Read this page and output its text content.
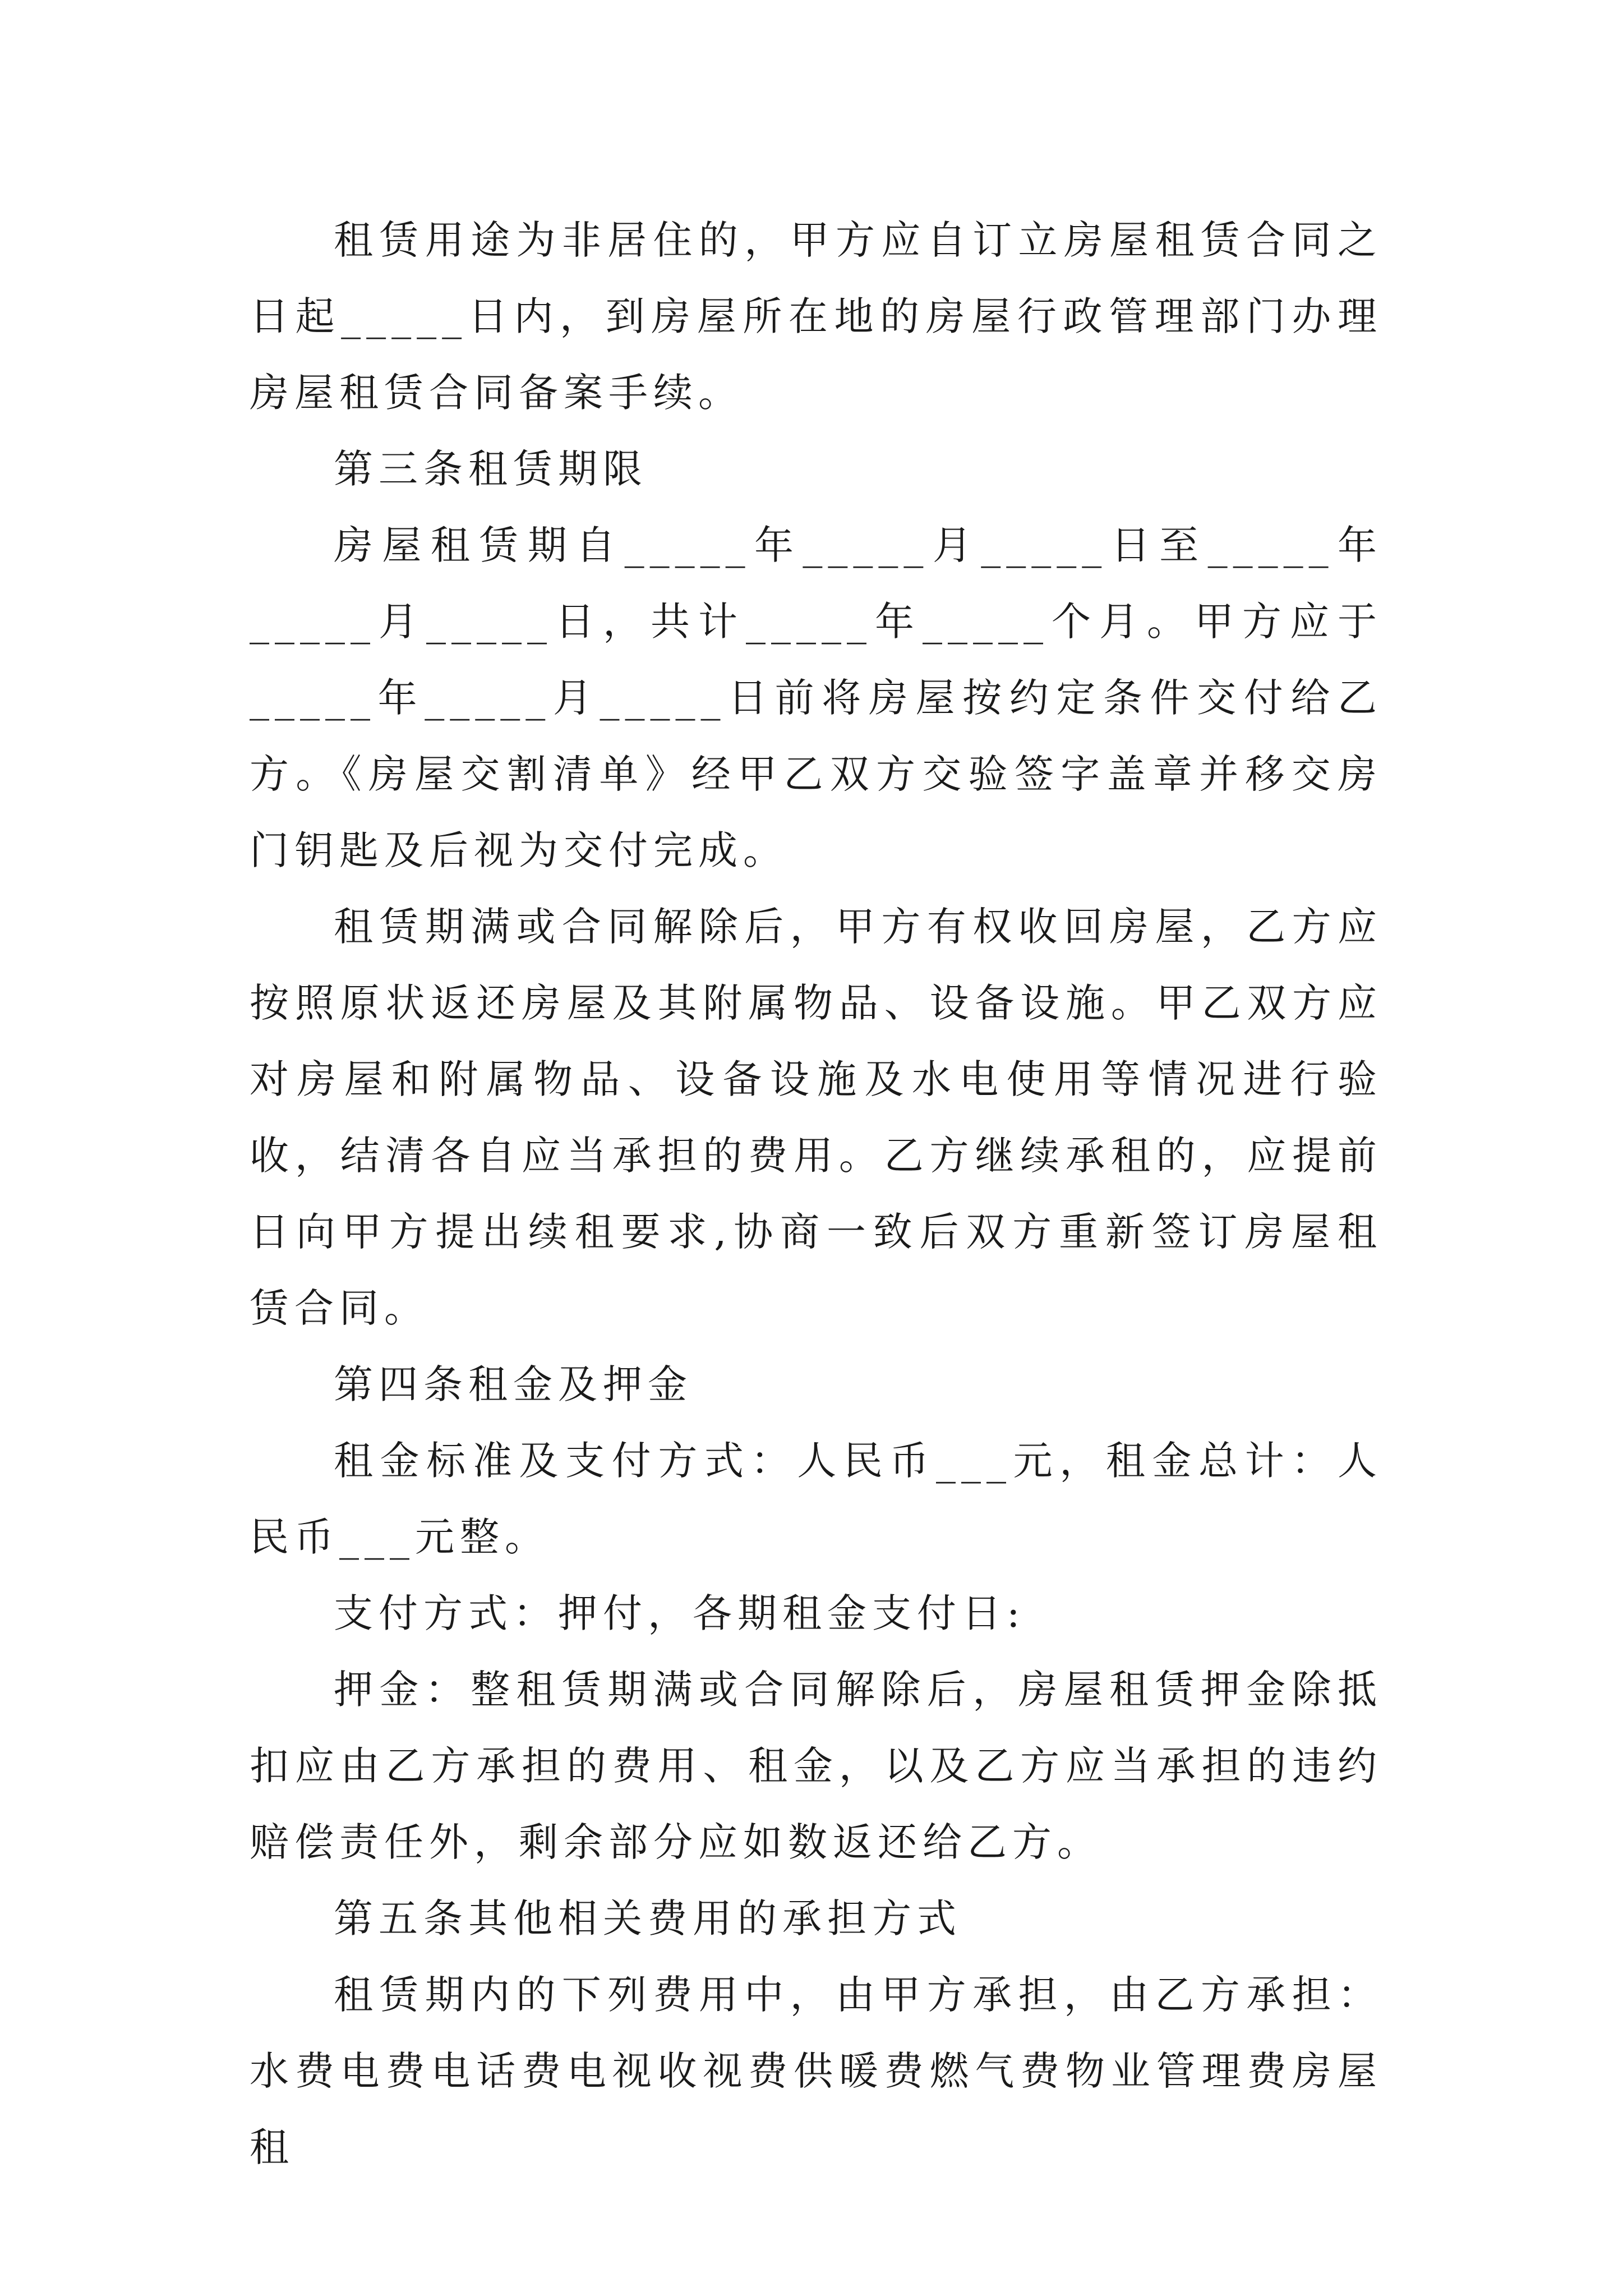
租赁用途为非居住的，甲方应自订立房屋租赁合同之日起_____日内，到房屋所在地的房屋行政管理部门办理房屋租赁合同备案手续。

第三条租赁期限

房屋租赁期自_____年_____月_____日至_____年_____月_____日，共计_____年_____个月。甲方应于_____年_____月_____日前将房屋按约定条件交付给乙方。《房屋交割清单》经甲乙双方交验签字盖章并移交房门钥匙及后视为交付完成。

租赁期满或合同解除后，甲方有权收回房屋，乙方应按照原状返还房屋及其附属物品、设备设施。甲乙双方应对房屋和附属物品、设备设施及水电使用等情况进行验收，结清各自应当承担的费用。乙方继续承租的，应提前日向甲方提出续租要求,协商一致后双方重新签订房屋租赁合同。

第四条租金及押金

租金标准及支付方式：人民币___元，租金总计：人民币___元整。

支付方式：押付，各期租金支付日:

押金：整租赁期满或合同解除后，房屋租赁押金除抵扣应由乙方承担的费用、租金，以及乙方应当承担的违约赔偿责任外，剩余部分应如数返还给乙方。

第五条其他相关费用的承担方式

租赁期内的下列费用中，由甲方承担，由乙方承担：水费电费电话费电视收视费供暖费燃气费物业管理费房屋租
